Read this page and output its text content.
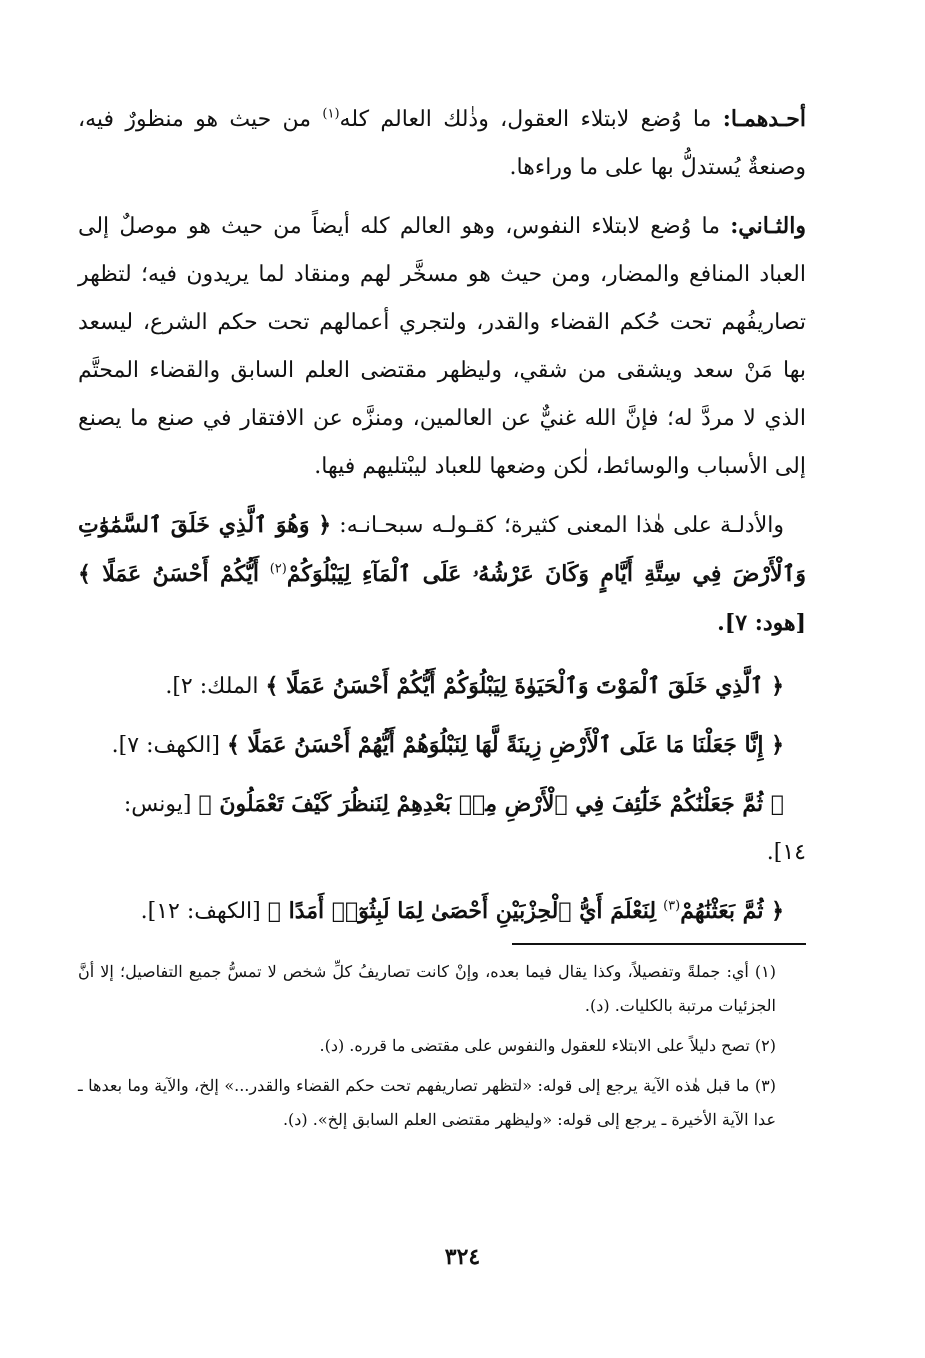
أحـدهمـا: ما وُضع لابتلاء العقول، وذٰلك العالم كله$^{(١)}$ من حيث هو منظورٌ فيه، وصنعةٌ يُستدلُّ بها على ما وراءها.

والثـاني: ما وُضع لابتلاء النفوس، وهو العالم كله أيضاً من حيث هو موصلٌ إلى العباد المنافع والمضار، ومن حيث هو مسخَّر لهم ومنقاد لما يريدون فيه؛ لتظهر تصاريفُهم تحت حُكم القضاء والقدر، ولتجري أعمالهم تحت حكم الشرع، ليسعد بها مَنْ سعد ويشقى من شقي، وليظهر مقتضى العلم السابق والقضاء المحتَّم الذي لا مردَّ له؛ فإنَّ الله غنيٌّ عن العالمين، ومنزَّه عن الافتقار في صنع ما يصنع إلى الأسباب والوسائط، لٰكن وضعها للعباد ليبْتليهم فيها.

والأدلـة على هٰذا المعنى كثيرة؛ كقـولـه سبحـانـه: ﴿ وَهُوَ ٱلَّذِي خَلَقَ ٱلسَّمَٰوَٰتِ وَٱلْأَرْضَ فِي سِتَّةِ أَيَّامٍ وَكَانَ عَرْشُهُۥ عَلَى ٱلْمَآءِ لِيَبْلُوَكُمْ$^{(٢)}$ أَيُّكُمْ أَحْسَنُ عَمَلًا ﴾ [هود: ٧].

﴿ ٱلَّذِي خَلَقَ ٱلْمَوْتَ وَٱلْحَيَوٰةَ لِيَبْلُوَكُمْ أَيُّكُمْ أَحْسَنُ عَمَلًا ﴾ الملك: ٢].

﴿ إِنَّا جَعَلْنَا مَا عَلَى ٱلْأَرْضِ زِينَةً لَّهَا لِنَبْلُوَهُمْ أَيُّهُمْ أَحْسَنُ عَمَلًا ﴾ [الكهف: ٧].

﴿ ثُمَّ جَعَلْنَٰكُمْ خَلَٰٓئِفَ فِي ٱلْأَرْضِ مِنۢ بَعْدِهِمْ لِنَنظُرَ كَيْفَ تَعْمَلُونَ ﴾ [يونس: ١٤].

﴿ ثُمَّ بَعَثْنَٰهُمْ$^{(٣)}$ لِنَعْلَمَ أَيُّ ٱلْحِزْبَيْنِ أَحْصَىٰ لِمَا لَبِثُوٓا۟ أَمَدًا ﴾ [الكهف: ١٢].

(١) أي: جملةً وتفصيلاً، وكذا يقال فيما بعده، وإنْ كانت تصاريفُ كلِّ شخص لا تمسُّ جميع التفاصيل؛ إلا أنَّ الجزئيات مرتبة بالكليات. (د).

(٢) تصح دليلاً على الابتلاء للعقول والنفوس على مقتضى ما قرره. (د).

(٣) ما قبل هٰذه الآية يرجع إلى قوله: «لتظهر تصاريفهم تحت حكم القضاء والقدر...» إلخ، والآية وما بعدها ـ عدا الآية الأخيرة ـ يرجع إلى قوله: «وليظهر مقتضى العلم السابق إلخ». (د).

٣٢٤
